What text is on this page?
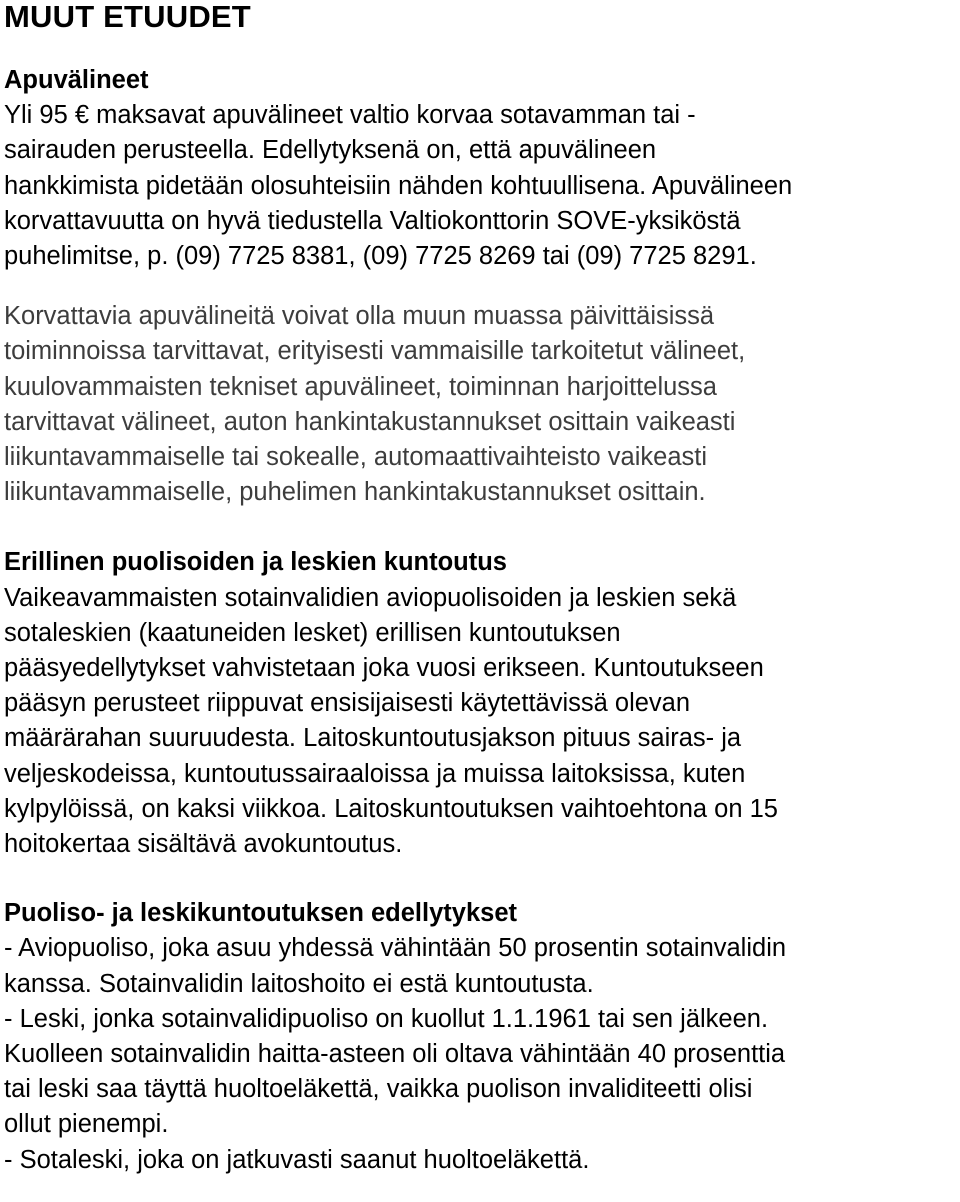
MUUT ETUUDET
Apuvälineet
Yli 95 € maksavat apuvälineet valtio korvaa sotavamman tai -
sairauden perusteella. Edellytyksenä on, että apuvälineen
hankkimista pidetään olosuhteisiin nähden kohtuullisena. Apuvälineen
korvattavuutta on hyvä tiedustella Valtiokonttorin SOVE-yksiköstä
puhelimitse, p. (09) 7725 8381, (09) 7725 8269 tai (09) 7725 8291.
Korvattavia apuvälineitä voivat olla muun muassa päivittäisissä
toiminnoissa tarvittavat, erityisesti vammaisille tarkoitetut välineet,
kuulovammaisten tekniset apuvälineet, toiminnan harjoittelussa
tarvittavat välineet, auton hankintakustannukset osittain vaikeasti
liikuntavammaiselle tai sokealle, automaattivaihteisto vaikeasti
liikuntavammaiselle, puhelimen hankintakustannukset osittain.
Erillinen puolisoiden ja leskien kuntoutus
Vaikeavammaisten sotainvalidien aviopuolisoiden ja leskien sekä
sotaleskien (kaatuneiden lesket) erillisen kuntoutuksen
pääsyedellytykset vahvistetaan joka vuosi erikseen. Kuntoutukseen
pääsyn perusteet riippuvat ensisijaisesti käytettävissä olevan
määrärahan suuruudesta. Laitoskuntoutusjakson pituus sairas- ja
veljeskodeissa, kuntoutussairaaloissa ja muissa laitoksissa, kuten
kylpylöissä, on kaksi viikkoa. Laitoskuntoutuksen vaihtoehtona on 15
hoitokertaa sisältävä avokuntoutus.
Puoliso- ja leskikuntoutuksen edellytykset
- Aviopuoliso, joka asuu yhdessä vähintään 50 prosentin sotainvalidin
kanssa. Sotainvalidin laitoshoito ei estä kuntoutusta.
- Leski, jonka sotainvalidipuoliso on kuollut 1.1.1961 tai sen jälkeen.
Kuolleen sotainvalidin haitta-asteen oli oltava vähintään 40 prosenttia
tai leski saa täyttä huoltoeläkettä, vaikka puolison invaliditeetti olisi
ollut pienempi.
- Sotaleski, joka on jatkuvasti saanut huoltoeläkettä.
